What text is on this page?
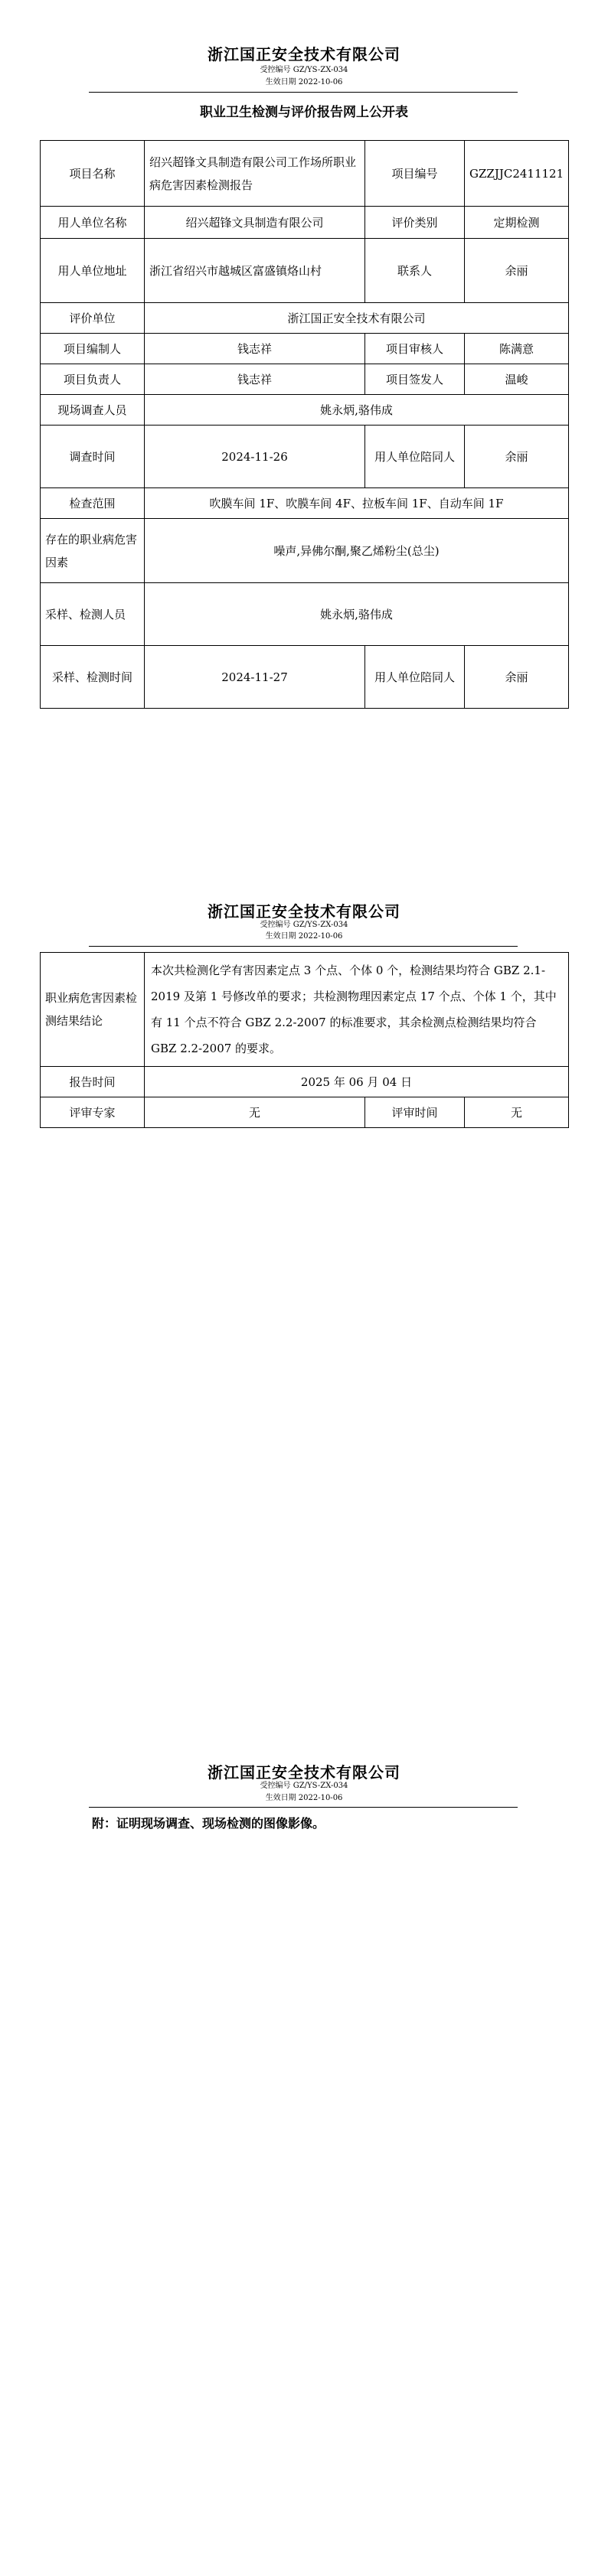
浙江国正安全技术有限公司
受控编号 GZ/YS-ZX-034
生效日期 2022-10-06
职业卫生检测与评价报告网上公开表
项目名称	绍兴超锋文具制造有限公司工作场所职业病危害因素检测报告	项目编号	GZZJJC2411121
用人单位名称	绍兴超锋文具制造有限公司	评价类别	定期检测
用人单位地址	浙江省绍兴市越城区富盛镇烙山村	联系人	余丽
评价单位	浙江国正安全技术有限公司		
项目编制人	钱志祥	项目审核人	陈满意
项目负责人	钱志祥	项目签发人	温峻
现场调查人员	姚永炳,骆伟成		
调查时间	2024-11-26	用人单位陪同人	余丽
检查范围	吹膜车间 1F、吹膜车间 4F、拉板车间 1F、自动车间 1F		
存在的职业病危害因素	噪声,异佛尔酮,聚乙烯粉尘(总尘)		
采样、检测人员	姚永炳,骆伟成		
采样、检测时间	2024-11-27	用人单位陪同人	余丽
浙江国正安全技术有限公司
受控编号 GZ/YS-ZX-034
生效日期 2022-10-06
职业病危害因素检测结果结论	本次共检测化学有害因素定点 3 个点、个体 0 个，检测结果均符合 GBZ 2.1-2019 及第 1 号修改单的要求；共检测物理因素定点 17 个点、个体 1 个，其中有 11 个点不符合 GBZ 2.2-2007 的标准要求，其余检测点检测结果均符合 GBZ 2.2-2007 的要求。		
报告时间	2025 年 06 月 04 日		
评审专家	无	评审时间	无
浙江国正安全技术有限公司
受控编号 GZ/YS-ZX-034
生效日期 2022-10-06
附：证明现场调查、现场检测的图像影像。
